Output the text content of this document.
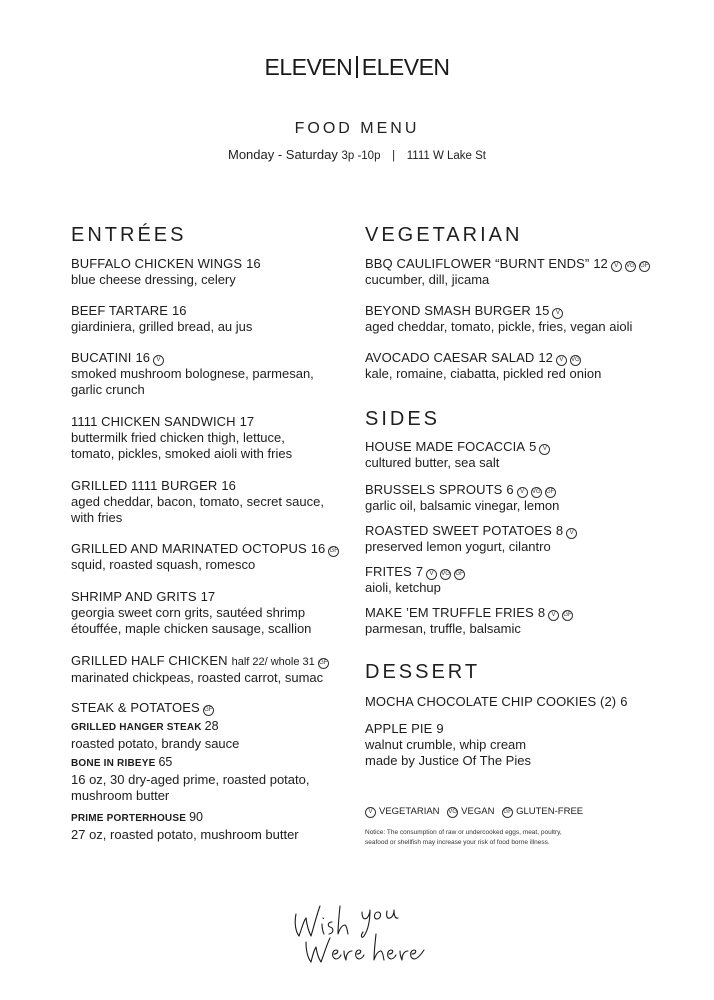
ELEVEN ELEVEN
FOOD MENU
Monday - Saturday 3p -10p | 1111 W Lake St
ENTRÉES
BUFFALO CHICKEN WINGS 16
blue cheese dressing, celery
BEEF TARTARE 16
giardiniera, grilled bread, au jus
BUCATINI 16 V
smoked mushroom bolognese, parmesan,
garlic crunch
1111 CHICKEN SANDWICH 17
buttermilk fried chicken thigh, lettuce,
tomato, pickles, smoked aioli with fries
GRILLED 1111 BURGER 16
aged cheddar, bacon, tomato, secret sauce,
with fries
GRILLED AND MARINATED OCTOPUS 16 GF
squid, roasted squash, romesco
SHRIMP AND GRITS 17
georgia sweet corn grits, sautéed shrimp
étouffée, maple chicken sausage, scallion
GRILLED HALF CHICKEN half 22/ whole 31 GF
marinated chickpeas, roasted carrot, sumac
STEAK & POTATOES GF
GRILLED HANGER STEAK 28
roasted potato, brandy sauce
BONE IN RIBEYE 65
16 oz, 30 dry-aged prime, roasted potato,
mushroom butter
PRIME PORTERHOUSE 90
27 oz, roasted potato, mushroom butter
VEGETARIAN
BBQ CAULIFLOWER “BURNT ENDS” 12 V VG GF
cucumber, dill, jicama
BEYOND SMASH BURGER 15 V
aged cheddar, tomato, pickle, fries, vegan aioli
AVOCADO CAESAR SALAD 12 V VG
kale, romaine, ciabatta, pickled red onion
SIDES
HOUSE MADE FOCACCIA 5 V
cultured butter, sea salt
BRUSSELS SPROUTS 6 V VG GF
garlic oil, balsamic vinegar, lemon
ROASTED SWEET POTATOES 8 V
preserved lemon yogurt, cilantro
FRITES 7 V VG GF
aioli, ketchup
MAKE ’EM TRUFFLE FRIES 8 V GF
parmesan, truffle, balsamic
DESSERT
MOCHA CHOCOLATE CHIP COOKIES (2) 6
APPLE PIE 9
walnut crumble, whip cream
made by Justice Of The Pies
V VEGETARIAN VG VEGAN GF GLUTEN-FREE
Notice: The consumption of raw or undercooked eggs, meat, poultry, seafood or shellfish may increase your risk of food borne illness.
